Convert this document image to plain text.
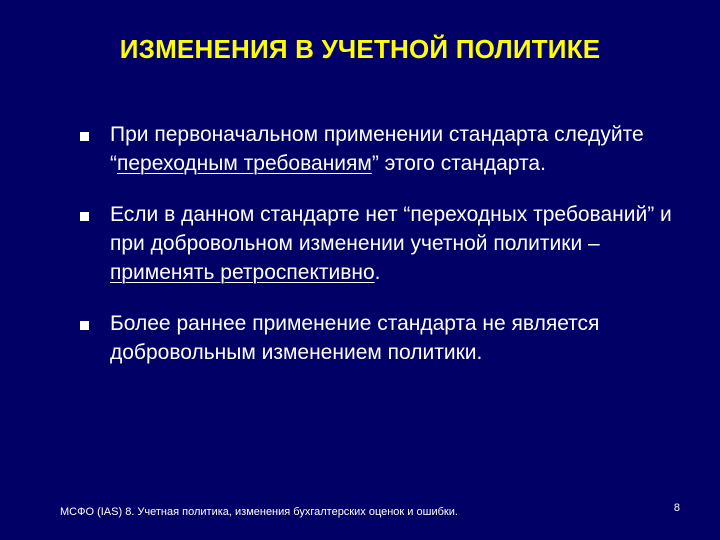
ИЗМЕНЕНИЯ В УЧЕТНОЙ ПОЛИТИКЕ
При первоначальном применении стандарта следуйте “переходным требованиям” этого стандарта.
Если в данном стандарте нет “переходных требований” и при добровольном изменении учетной политики – применять ретроспективно.
Более раннее применение стандарта не является добровольным изменением политики.
МСФО (IAS) 8. Учетная политика, изменения бухгалтерских оценок и ошибки.	8
